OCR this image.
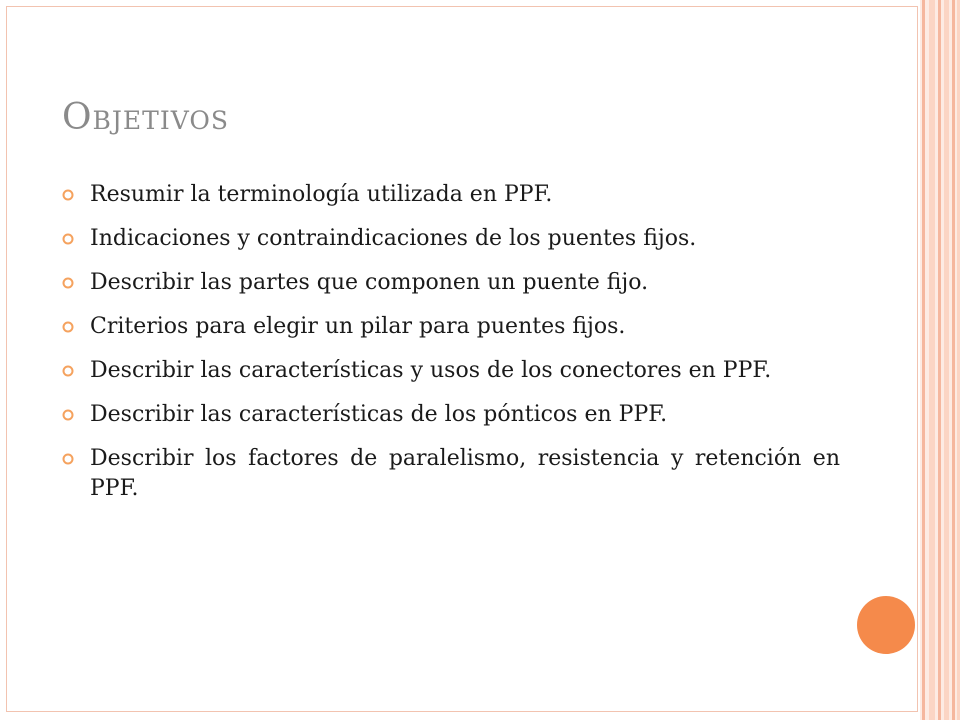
Objetivos
Resumir la terminología utilizada en PPF.
Indicaciones y contraindicaciones de los puentes fijos.
Describir las partes que componen un puente fijo.
Criterios para elegir un pilar para puentes fijos.
Describir las características y usos de los conectores en PPF.
Describir las características de los pónticos en PPF.
Describir los factores de paralelismo, resistencia y retención en PPF.
